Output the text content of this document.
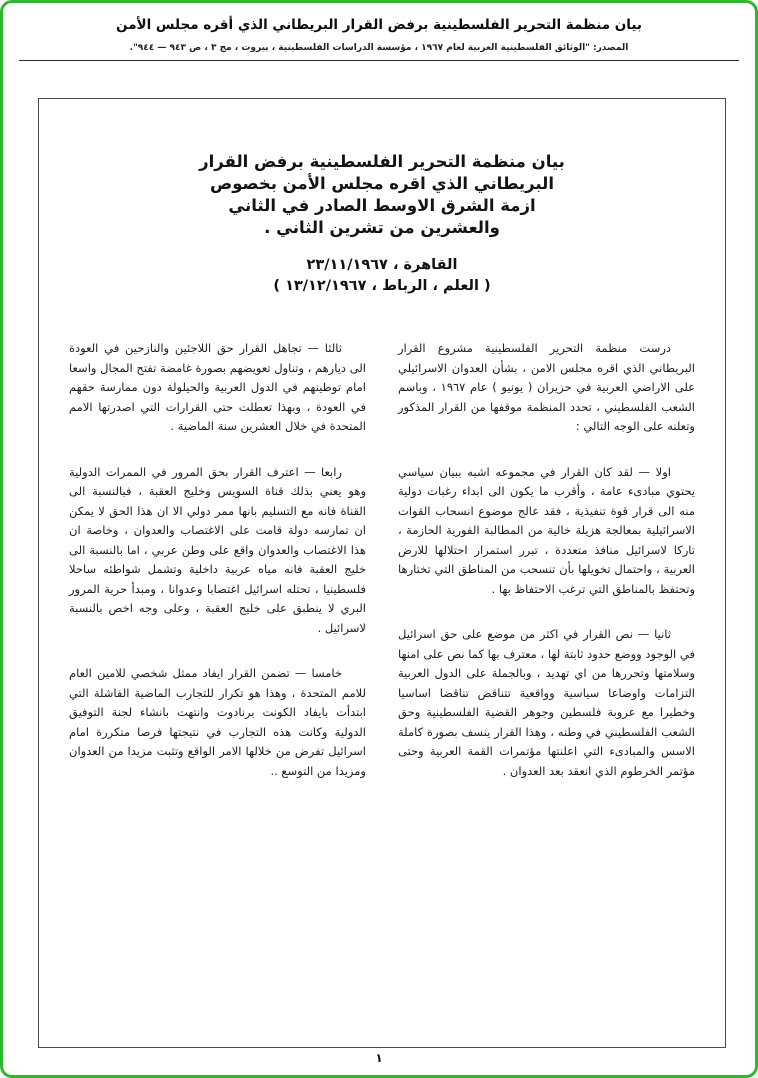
بيان منظمة التحرير الفلسطينية برفض القرار البريطاني الذي أقره مجلس الأمن
المصدر: "الوثائق الفلسطينية العربية لعام ١٩٦٧ ، مؤسسة الدراسات الفلسطينية ، بيروت ، مج ٣ ، ص ٩٤٣ — ٩٤٤".
بيان منظمة التحرير الفلسطينية برفض القرار
البريطاني الذي اقره مجلس الأمن بخصوص
ازمة الشرق الاوسط الصادر في الثاني
والعشرين من تشرين الثاني .
القاهرة ، ٢٣/١١/١٩٦٧
( العلم ، الرباط ، ١٣/١٢/١٩٦٧ )

درست منظمة التحرير الفلسطينية مشروع القرار البريطاني الذي اقره مجلس الامن ، بشأن العدوان الاسرائيلي على الاراضي العربية في حزيران ( يونيو ) عام ١٩٦٧ ، وباسم الشعب الفلسطيني ، تحدد المنظمة موقفها من القرار المذكور وتعلنه على الوجه التالي :

اولا — لقد كان القرار في مجموعه اشبه ببيان سياسي يحتوي مبادىء عامة ، وأقرب ما يكون الى ابداء رغبات دولية منه الى قرار قوة تنفيذية ، فقد عالج موضوع انسحاب القوات الاسرائيلية بمعالجة هزيلة خالية من المطالبة الفورية الحازمة ، تاركا لاسرائيل منافذ متعددة ، تبرر استمرار احتلالها للارض العربية ، واحتمال تخويلها بأن تنسحب من المناطق التي تختارها وتحتفظ بالمناطق التي ترغب الاحتفاظ بها .

ثانيا — نص القرار في اكثر من موضع على حق اسرائيل في الوجود ووضع حدود ثابتة لها ، معترف بها كما نص على امنها وسلامتها وتحررها من اي تهديد ، وبالجملة على الدول العربية التزامات واوضاعا سياسية وواقعية تتناقض تناقضا اساسيا وخطيرا مع عروبة فلسطين وجوهر القضية الفلسطينية وحق الشعب الفلسطيني في وطنه ، وهذا القرار ينسف بصورة كاملة الاسس والمبادىء التي اعلنتها مؤتمرات القمة العربية وحتى مؤتمر الخرطوم الذي انعقد بعد العدوان .

ثالثا — تجاهل القرار حق اللاجئين والنازحين في العودة الى ديارهم ، وتناول تعويضهم بصورة غامضة تفتح المجال واسعا امام توطينهم في الدول العربية والحيلولة دون ممارسة حقهم في العودة ، وبهذا تعطلت حتى القرارات التي اصدرتها الامم المتحدة في خلال العشرين سنة الماضية .

رابعا — اعترف القرار بحق المرور في الممرات الدولية وهو يعني بذلك قناة السويس وخليج العقبة ، فبالنسبة الى القناة فانه مع التسليم بانها ممر دولي الا ان هذا الحق لا يمكن ان تمارسه دولة قامت على الاغتصاب والعدوان ، وخاصة ان هذا الاغتصاب والعدوان واقع على وطن عربي ، اما بالنسبة الى خليج العقبة فانه مياه عربية داخلية وتشمل شواطئه ساحلا فلسطينيا ، تحتله اسرائيل اغتصابا وعدوانا ، ومبدأ حرية المرور البري لا ينطبق على خليج العقبة ، وعلى وجه اخص بالنسبة لاسرائيل .

خامسا — تضمن القرار ايفاد ممثل شخصي للامين العام للامم المتحدة ، وهذا هو تكرار للتجارب الماضية الفاشلة التي ابتدأت بايفاد الكونت برنادوت وانتهت بانشاء لجنة التوفيق الدولية وكانت هذه التجارب في نتيجتها فرصا متكررة امام اسرائيل تفرض من خلالها الامر الواقع وتثبت مزيدا من العدوان ومزيدا من التوسع ..

١
